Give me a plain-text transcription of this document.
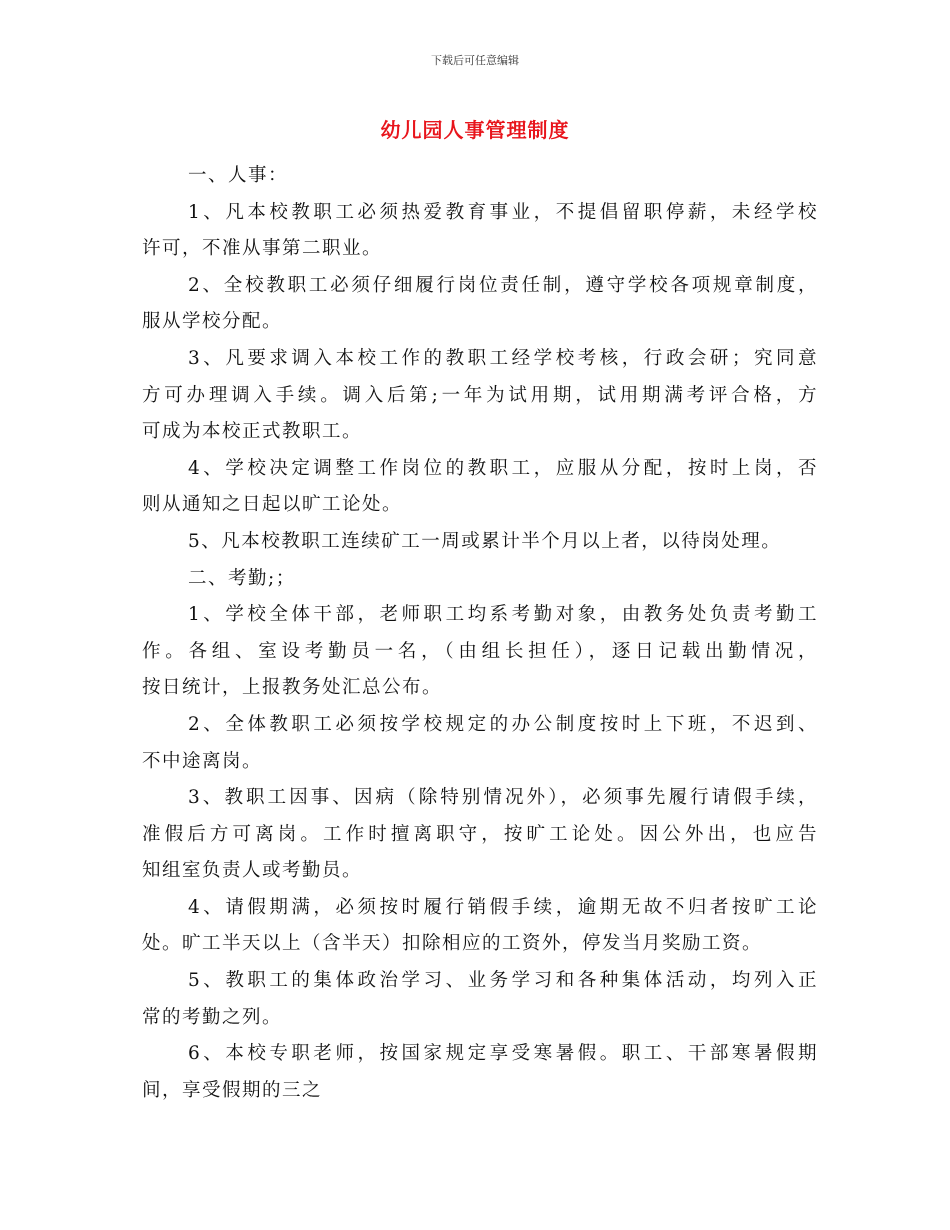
下载后可任意编辑
幼儿园人事管理制度
一、人事：
1、凡本校教职工必须热爱教育事业，不提倡留职停薪，未经学校
许可，不准从事第二职业。
2、全校教职工必须仔细履行岗位责任制，遵守学校各项规章制度，
服从学校分配。
3、凡要求调入本校工作的教职工经学校考核，行政会研；究同意
方可办理调入手续。调入后第;一年为试用期，试用期满考评合格，方
可成为本校正式教职工。
4、学校决定调整工作岗位的教职工，应服从分配，按时上岗，否
则从通知之日起以旷工论处。
5、凡本校教职工连续矿工一周或累计半个月以上者，以待岗处理。
二、考勤;；
1、学校全体干部，老师职工均系考勤对象，由教务处负责考勤工
作。各组、室设考勤员一名，（由组长担任），逐日记载出勤情况，
按日统计，上报教务处汇总公布。
2、全体教职工必须按学校规定的办公制度按时上下班，不迟到、
不中途离岗。
3、教职工因事、因病（除特别情况外），必须事先履行请假手续，
准假后方可离岗。工作时擅离职守，按旷工论处。因公外出，也应告
知组室负责人或考勤员。
4、请假期满，必须按时履行销假手续，逾期无故不归者按旷工论
处。旷工半天以上（含半天）扣除相应的工资外，停发当月奖励工资。
5、教职工的集体政治学习、业务学习和各种集体活动，均列入正
常的考勤之列。
6、本校专职老师，按国家规定享受寒暑假。职工、干部寒暑假期
间，享受假期的三之
